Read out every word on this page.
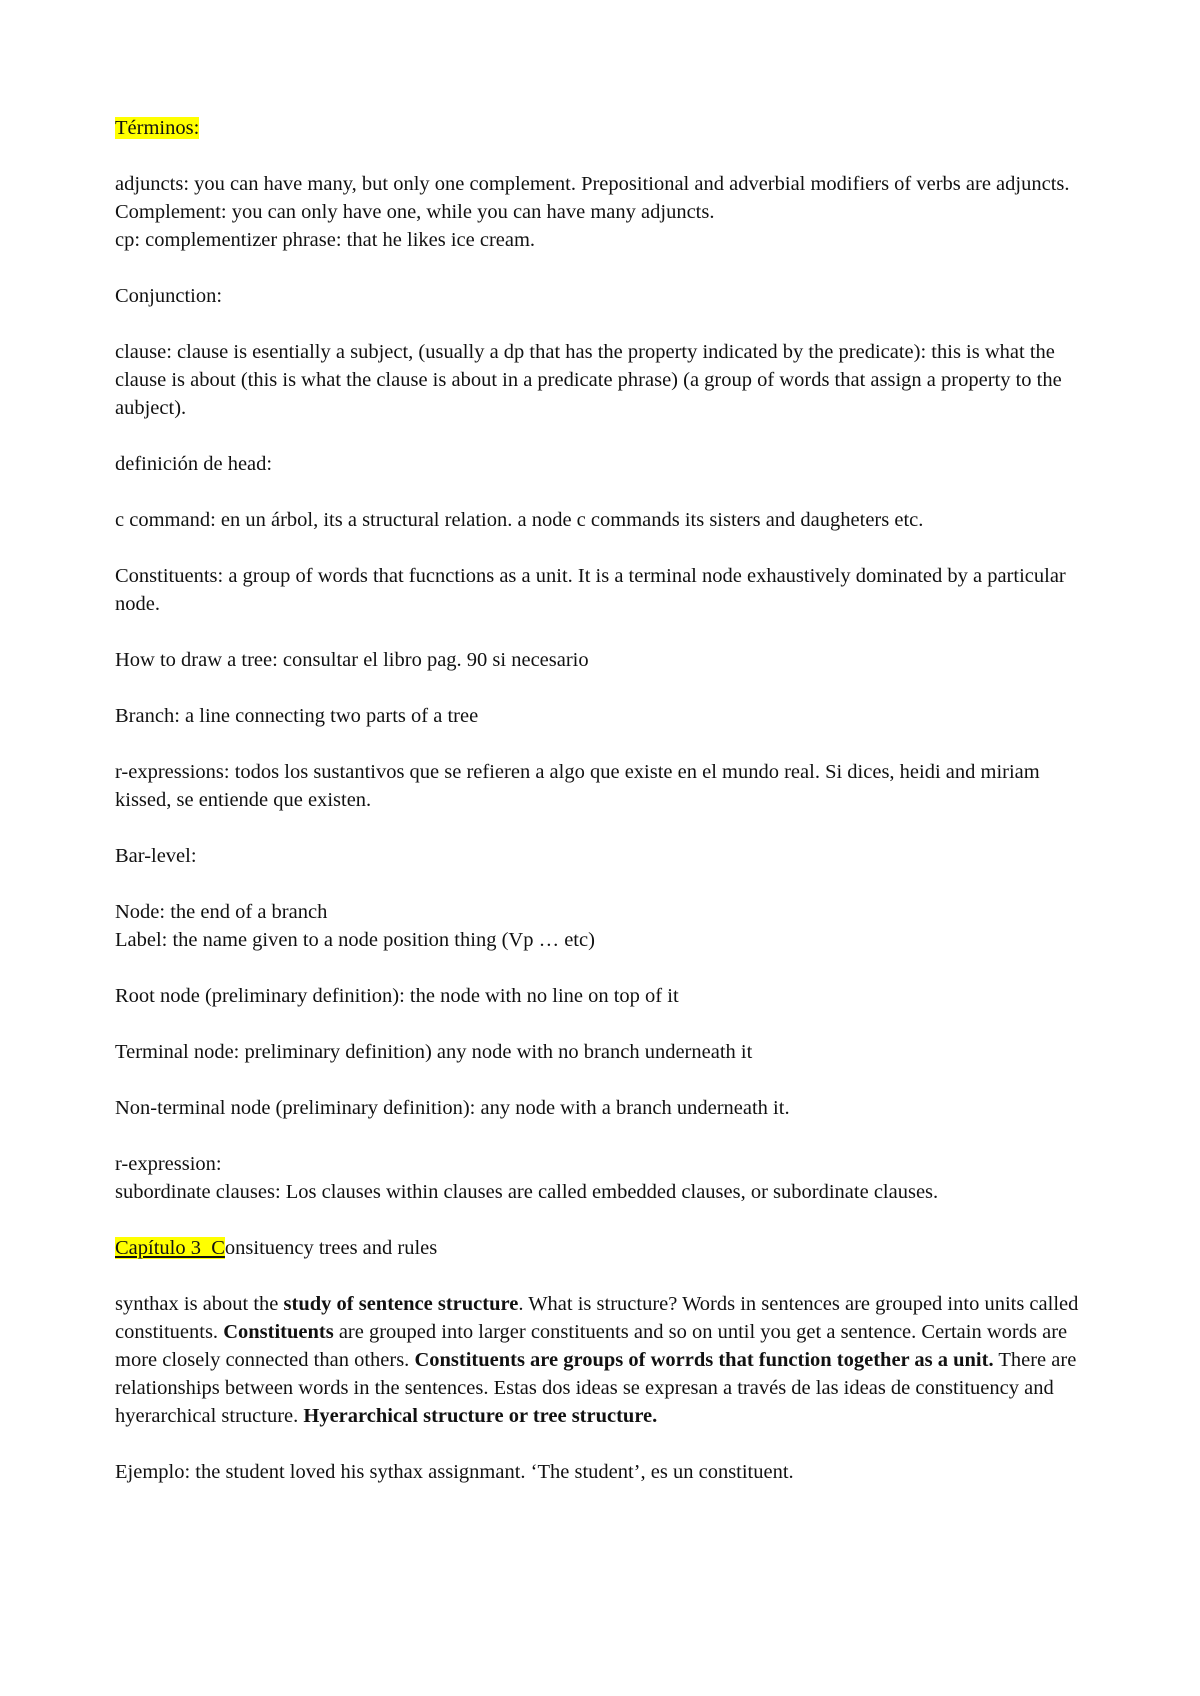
Términos:

adjuncts: you can have many, but only one complement. Prepositional and adverbial modifiers of verbs are adjuncts.
Complement: you can only have one, while you can have many adjuncts.
cp: complementizer phrase: that he likes ice cream.

Conjunction:

clause: clause is esentially a subject, (usually a dp that has the property indicated by the predicate): this is what the clause is about (this is what the clause is about in a predicate phrase) (a group of words that assign a property to the aubject).

definición de head:

c command: en un árbol, its a structural relation. a node c commands its sisters and daugheters etc.

Constituents: a group of words that fucnctions as a unit. It is a terminal node exhaustively dominated by a particular node.

How to draw a tree: consultar el libro pag. 90 si necesario

Branch: a line connecting two parts of a tree

r-expressions: todos los sustantivos que se refieren a algo que existe en el mundo real. Si dices, heidi and miriam kissed, se entiende que existen.

Bar-level:

Node: the end of a branch
Label: the name given to a node position thing (Vp … etc)

Root node (preliminary definition): the node with no line on top of it

Terminal node: preliminary definition) any node with no branch underneath it

Non-terminal node (preliminary definition): any node with a branch underneath it.

r-expression:
subordinate clauses: Los clauses within clauses are called embedded clauses, or subordinate clauses.

Capítulo 3  Consituency trees and rules

synthax is about the study of sentence structure. What is structure? Words in sentences are grouped into units called constituents. Constituents are grouped into larger constituents and so on until you get a sentence. Certain words are more closely connected than others. Constituents are groups of worrds that function together as a unit. There are relationships between words in the sentences. Estas dos ideas se expresan a través de las ideas de constituency and hyerarchical structure. Hyerarchical structure or tree structure.

Ejemplo: the student loved his sythax assignmant. ‘The student’, es un constituent.
